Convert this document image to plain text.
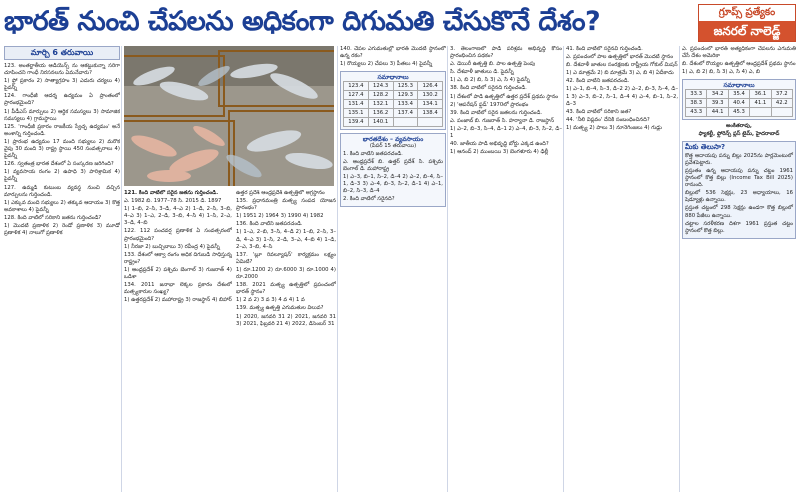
భారత్ నుంచి చేపలను అధికంగా దిగుమతి చేసుకొనే దేశం?	గ్రూప్స్ ప్రత్యేకం
జనరల్ నాలెడ్జ్
మార్చి 6 తరువాయి

123. అంతర్జాతీయ ఆడియెన్స్ ను ఆకట్టుకున్నా సరిగా చూపించని గాంధీ నిరసనలను ఏమనేవారు?

1) ఫ్లో ప్రకారం 2) సాత్యాగ్రహం 3) ఎదురు చర్యలు 4) పైవన్నీ

124. గాంధీజీ ఆదర్శ ఉద్యమం ఏ ప్రాంతంలో ప్రారంభమైంది?

1) పీడీఎస్ మార్పులు 2) ఆర్థిక సమస్యలు 3) సామాజిక సమస్యలు 4) గ్రామస్థాయి

125. 'గాంధీజీ ప్రకారం రాజకీయ స్వేచ్ఛ ఉద్యమం' అనే అంశాన్ని గుర్తించండి.

1) ప్రారంభ ఉద్యమం 17 మంది సభ్యులు 2) మరొక వైపు 30 మంది 3) రాష్ట్ర స్థాయి 450 సంవత్సరాలు 4) పైవన్నీ

126. స్వతంత్ర భారత దేశంలో ఏ సంస్కరణ జరిగింది?

1) వ్యవసాయ రంగం 2) ఉపాధి 3) పారిశ్రామిక 4) పైవన్నీ

127. ఉమ్మడి కుటుంబ వ్యవస్థ నుంచి వచ్చిన మార్పులను గుర్తించండి.

1) ఎక్కువ మంది సభ్యులు 2) తక్కువ ఆదాయం 3) కొత్త అవకాశాలు 4) పైవన్నీ

128. కింది వాటిలో సరికాని జతను గుర్తించండి?

1) మొదటి ప్రణాళిక 2) రెండో ప్రణాళిక 3) మూడో ప్రణాళిక 4) నాలుగో ప్రణాళిక

121. కింది వాటిలో సరైన జతను గుర్తించండి.

ఎ. 1982 బి. 1977–78 సి. 2015 డి. 1897

1) 1–బి, 2–సి, 3–డి, 4–ఎ 2) 1–డి, 2–సి, 3–బి, 4–ఎ 3) 1–ఎ, 2–డి, 3–బి, 4–సి 4) 1–సి, 2–ఎ, 3–డి, 4–బి

122. 112 పంచవర్ష ప్రణాళిక ఏ సంవత్సరంలో ప్రారంభమైంది?

1) నీరజా 2) బుచ్చిబాబు 3) రవీంద్ర 4) పైవన్నీ

133. దేశంలో ఆక్వా రంగం అధిక దిగుబడి సాధిస్తున్న రాష్ట్రం?

1) ఆంధ్రప్రదేశ్ 2) పశ్చిమ బెంగాల్ 3) గుజరాత్ 4) ఒడిశా

134. 2011 జనాభా లెక్కల ప్రకారం దేశంలో మత్స్యకారుల సంఖ్య?

1) ఉత్తరప్రదేశ్ 2) మహారాష్ట్ర 3) రాజస్థాన్ 4) బిహార్

ఉత్తర ప్రదేశ్ ఆంధ్రప్రదేశ్ ఉత్పత్తిలో అగ్రస్థానం

135. ప్రధానమంత్రి మత్స్య సంపద యోజన ప్రారంభం?

1) 1951 2) 1964 3) 1990 4) 1982

136. కింది వాటిని జతపరచండి.

1) 1–ఎ, 2–బి, 3–సి, 4–డి 2) 1–బి, 2–సి, 3–డి, 4–ఎ 3) 1–సి, 2–డి, 3–ఎ, 4–బి 4) 1–డి, 2–ఎ, 3–బి, 4–సి

137. 'బ్లూ రివల్యూషన్' కార్యక్రమం లక్ష్యం ఏమిటి?

1) రూ.1200 2) రూ.6000 3) రూ.1000 4) రూ.2000

138. 2021 మత్స్య ఉత్పత్తిలో ప్రపంచంలో భారత్ స్థానం?

1) 2 వ 2) 3 వ 3) 4 వ 4) 1 వ

139. మత్స్య ఉత్పత్తి ఎగుమతుల విలువ?

1) 2020, జనవరి 31 2) 2021, జనవరి 31 3) 2021, ఫిబ్రవరి 21 4) 2022, డిసెంబర్ 31

140. చేపల ఎగుమతుల్లో భారత్ మొదటి స్థానంలో ఉన్న రకం?

1) రొయ్యలు 2) చేపలు 3) పీతలు 4) పైవన్నీ

సమాధానాలు
123.4	124.3	125.3	126.4
127.4	128.2	129.3	130.2
131.4	132.1	133.4	134.1
135.1	136.2	137.4	138.4
139.4	140.1		
భారతదేశం – వ్యవసాయం
(పేపర్ 15 తరువాయి)

1. కింది వాటిని జతపరచండి.

ఎ. ఆంధ్రప్రదేశ్ బి. ఉత్తర్ ప్రదేశ్ సి. పశ్చిమ బెంగాల్ డి. మహారాష్ట్ర

1) ఎ–3, బి–1, సి–2, డి–4 2) ఎ–2, బి–4, సి–1, డి–3 3) ఎ–4, బి–3, సి–2, డి–1 4) ఎ–1, బి–2, సి–3, డి–4

2. కింది వాటిలో సరైనది?

3. తెలంగాణలో పాడి పరిశ్రమ అభివృద్ధి కోసం ప్రారంభించిన పథకం?

ఎ. డెయిరీ ఉత్పత్తి బి. పాల ఉత్పత్తి పెంపు

సి. దేశవాళీ జాతులు డి. పైవన్నీ

1) ఎ, బి 2) బి, సి 3) ఎ, సి 4) పైవన్నీ

38. కింది వాటిలో సరైనది గుర్తించండి.

1) దేశంలో పాడి ఉత్పత్తిలో ఉత్తర ప్రదేశ్ ప్రథమ స్థానం

2) 'ఆపరేషన్ ఫ్లడ్' 1970లో ప్రారంభం

39. కింది వాటిలో సరైన జతలను గుర్తించండి.

ఎ. పంజాబ్ బి. గుజరాత్ సి. హర్యానా డి. రాజస్థాన్

1) ఎ–2, బి–3, సి–4, డి–1 2) ఎ–4, బి–3, సి–2, డి–1

40. జాతీయ పాడి అభివృద్ధి బోర్డు ఎక్కడ ఉంది?

1) ఆనంద్ 2) ముంబయి 3) బెంగళూరు 4) ఢిల్లీ

41. కింది వాటిలో సరైనవి గుర్తించండి.

ఎ. ప్రపంచంలో పాల ఉత్పత్తిలో భారత్ మొదటి స్థానం

బి. దేశవాళీ జాతుల సంరక్షణకు రాష్ట్రీయ గోకుల్ మిషన్

1) ఎ మాత్రమే 2) బి మాత్రమే 3) ఎ, బి 4) ఏదీకాదు

42. కింది వాటిని జతపరచండి.

1) ఎ–1, బి–4, సి–3, డి–2 2) ఎ–2, బి–3, సి–4, డి–1 3) ఎ–3, బి–2, సి–1, డి–4 4) ఎ–4, బి–1, సి–2, డి–3

43. కింది వాటిలో సరికాని జత?

44. 'నీలి విప్లవం' దేనికి సంబంధించినది?

1) మత్స్య 2) పాలు 3) నూనెగింజలు 4) గుడ్లు

ఎ. ప్రపంచంలో భారత్ అత్యధికంగా చేపలను ఎగుమతి చేసే దేశం అమెరికా

బి. దేశంలో రొయ్యల ఉత్పత్తిలో ఆంధ్రప్రదేశ్ ప్రథమ స్థానం

1) ఎ, బి 2) బి, సి 3) ఎ, సి 4) ఎ, బి

సమాధానాలు
33.3	34.2	35.4	36.1	37.2
38.3	39.3	40.4	41.1	42.2
43.3	44.1	45.3		
అంకితరావు,
ఫ్యాకల్టీ, ఫ్లోరెన్స్ ప్లస్ టైమ్, హైదరాబాద్
మీకు తెలుసా?

కొత్త ఆదాయపు పన్ను బిల్లు 2025ను పార్లమెంటులో ప్రవేశపెట్టారు.

ప్రస్తుతం ఉన్న ఆదాయపు పన్ను చట్టం 1961 స్థానంలో కొత్త బిల్లు (Income Tax Bill 2025) రానుంది.

బిల్లులో 536 సెక్షన్లు, 23 అధ్యాయాలు, 16 షెడ్యూళ్లు ఉన్నాయి.

ప్రస్తుత చట్టంలో 298 సెక్షన్లు ఉండగా కొత్త బిల్లులో 880 పేజీలు ఉన్నాయి.

చట్టాల సరళీకరణ దిశగా 1961 ప్రస్తుత చట్టం స్థానంలో కొత్త బిల్లు.
